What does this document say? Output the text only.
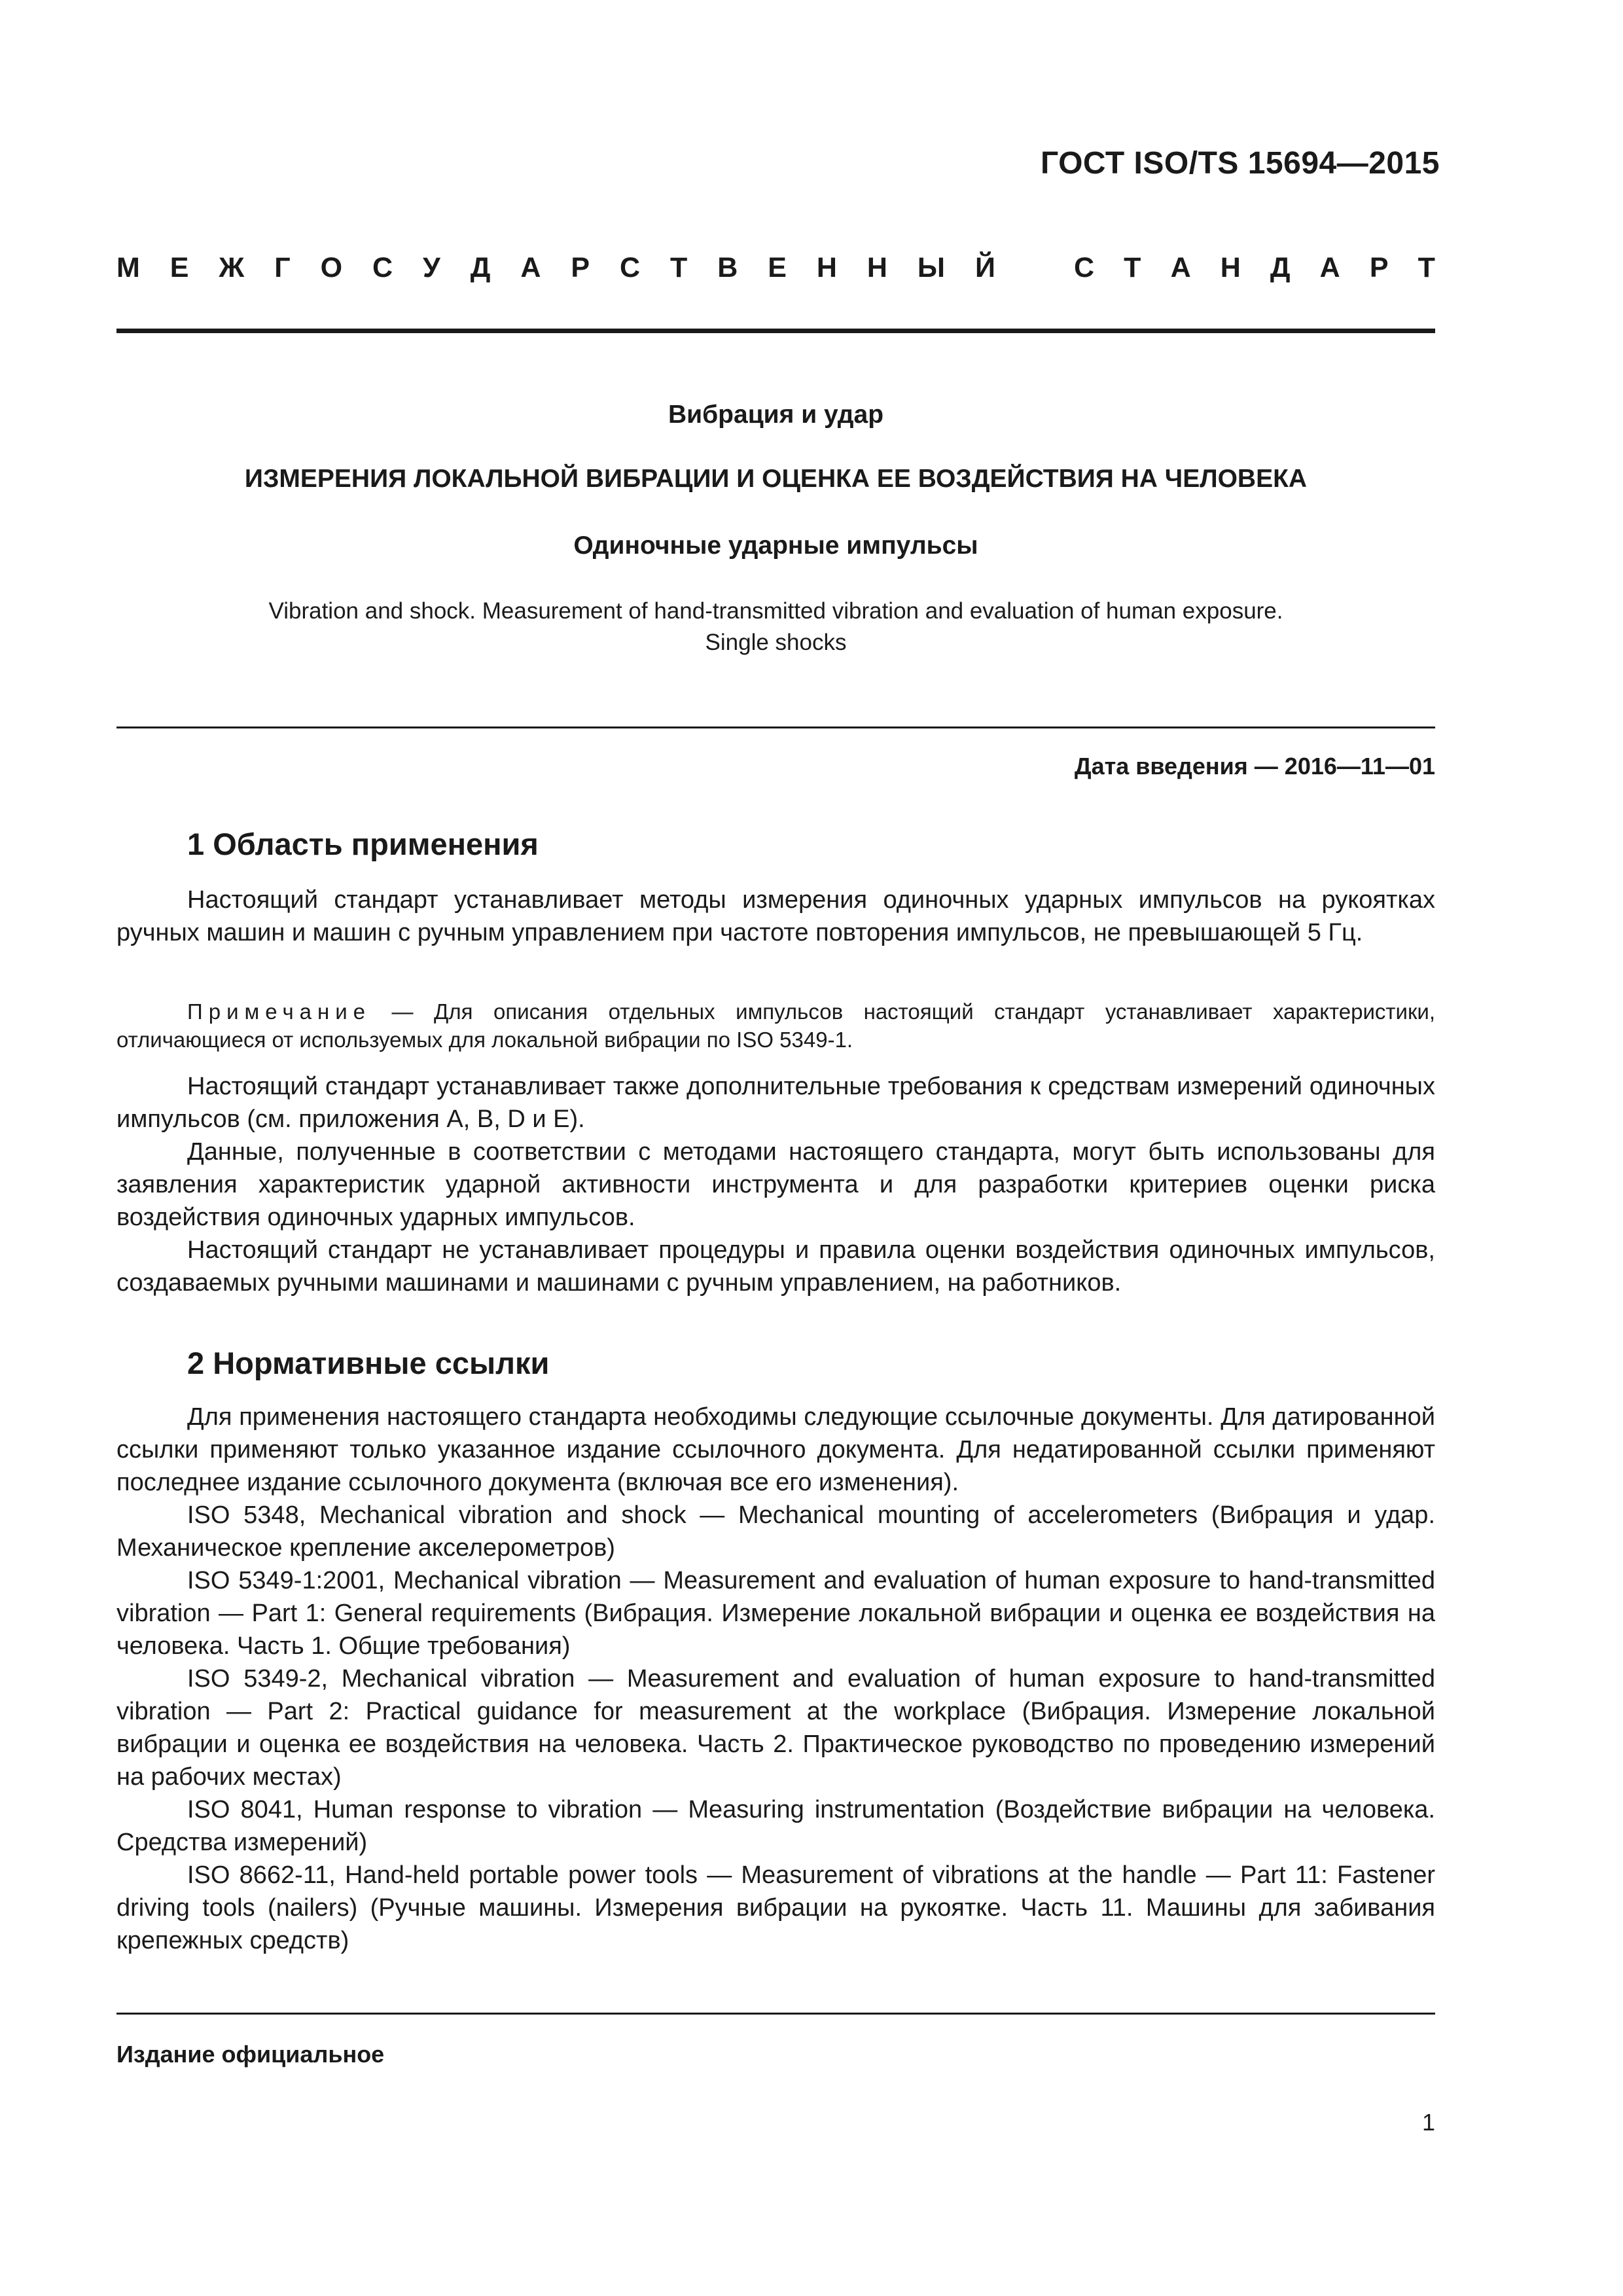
ГОСТ ISO/TS 15694—2015
М Е Ж Г О С У Д А Р С Т В Е Н Н Ы Й	С Т А Н Д А Р Т
Вибрация и удар
ИЗМЕРЕНИЯ ЛОКАЛЬНОЙ ВИБРАЦИИ И ОЦЕНКА ЕЕ ВОЗДЕЙСТВИЯ НА ЧЕЛОВЕКА
Одиночные ударные импульсы
Vibration and shock. Measurement of hand-transmitted vibration and evaluation of human exposure.
Single shocks
Дата введения — 2016—11—01
1 Область применения

Настоящий стандарт устанавливает методы измерения одиночных ударных импульсов на рукоятках ручных машин и машин с ручным управлением при частоте повторения импульсов, не превышающей 5 Гц.

Примечание — Для описания отдельных импульсов настоящий стандарт устанавливает характеристики, отличающиеся от используемых для локальной вибрации по ISO 5349-1.

Настоящий стандарт устанавливает также дополнительные требования к средствам измерений одиночных импульсов (см. приложения A, B, D и E).

Данные, полученные в соответствии с методами настоящего стандарта, могут быть использованы для заявления характеристик ударной активности инструмента и для разработки критериев оценки риска воздействия одиночных ударных импульсов.

Настоящий стандарт не устанавливает процедуры и правила оценки воздействия одиночных импульсов, создаваемых ручными машинами и машинами с ручным управлением, на работников.

2 Нормативные ссылки

Для применения настоящего стандарта необходимы следующие ссылочные документы. Для датированной ссылки применяют только указанное издание ссылочного документа. Для недатированной ссылки применяют последнее издание ссылочного документа (включая все его изменения).

ISO 5348, Mechanical vibration and shock — Mechanical mounting of accelerometers (Вибрация и удар. Механическое крепление акселерометров)

ISO 5349-1:2001, Mechanical vibration — Measurement and evaluation of human exposure to hand-transmitted vibration — Part 1: General requirements (Вибрация. Измерение локальной вибрации и оценка ее воздействия на человека. Часть 1. Общие требования)

ISO 5349-2, Mechanical vibration — Measurement and evaluation of human exposure to hand-transmitted vibration — Part 2: Practical guidance for measurement at the workplace (Вибрация. Измерение локальной вибрации и оценка ее воздействия на человека. Часть 2. Практическое руководство по проведению измерений на рабочих местах)

ISO 8041, Human response to vibration — Measuring instrumentation (Воздействие вибрации на человека. Средства измерений)

ISO 8662-11, Hand-held portable power tools — Measurement of vibrations at the handle — Part 11: Fastener driving tools (nailers) (Ручные машины. Измерения вибрации на рукоятке. Часть 11. Машины для забивания крепежных средств)

Издание официальное
1
